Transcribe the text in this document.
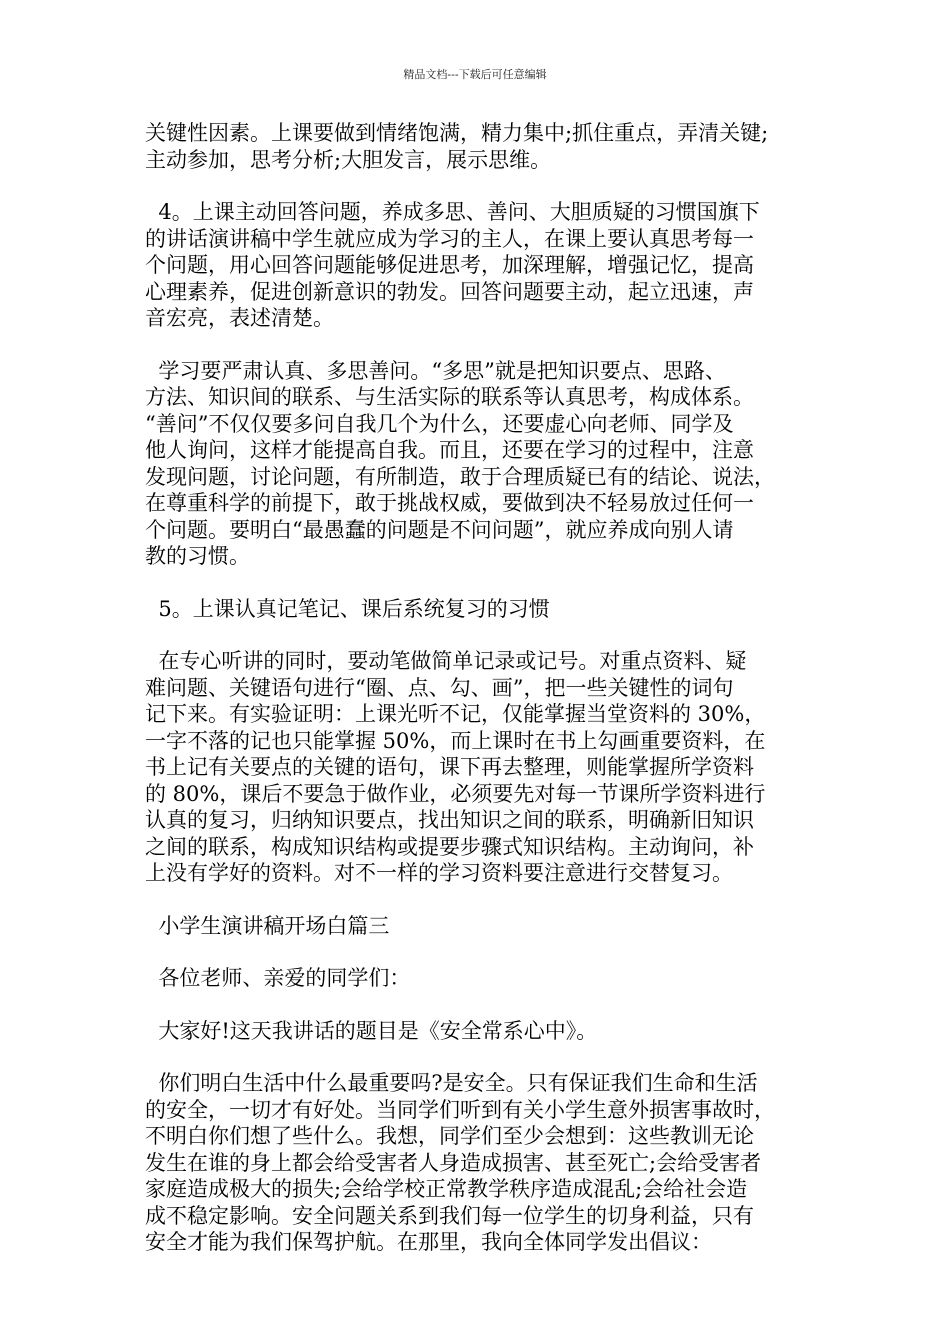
精品文档---下载后可任意编辑

关键性因素。上课要做到情绪饱满，精力集中;抓住重点，弄清关键;
主动参加，思考分析;大胆发言，展示思维。

4。上课主动回答问题，养成多思、善问、大胆质疑的习惯国旗下
的讲话演讲稿中学生就应成为学习的主人，在课上要认真思考每一
个问题，用心回答问题能够促进思考，加深理解，增强记忆，提高
心理素养，促进创新意识的勃发。回答问题要主动，起立迅速，声
音宏亮，表述清楚。

学习要严肃认真、多思善问。“多思”就是把知识要点、思路、
方法、知识间的联系、与生活实际的联系等认真思考，构成体系。
“善问”不仅仅要多问自我几个为什么，还要虚心向老师、同学及
他人询问，这样才能提高自我。而且，还要在学习的过程中，注意
发现问题，讨论问题，有所制造，敢于合理质疑已有的结论、说法，
在尊重科学的前提下，敢于挑战权威，要做到决不轻易放过任何一
个问题。要明白“最愚蠢的问题是不问问题”，就应养成向别人请
教的习惯。

5。上课认真记笔记、课后系统复习的习惯

在专心听讲的同时，要动笔做简单记录或记号。对重点资料、疑
难问题、关键语句进行“圈、点、勾、画”，把一些关键性的词句
记下来。有实验证明：上课光听不记，仅能掌握当堂资料的 30%，
一字不落的记也只能掌握 50%，而上课时在书上勾画重要资料，在
书上记有关要点的关键的语句，课下再去整理，则能掌握所学资料
的 80%，课后不要急于做作业，必须要先对每一节课所学资料进行
认真的复习，归纳知识要点，找出知识之间的联系，明确新旧知识
之间的联系，构成知识结构或提要步骤式知识结构。主动询问，补
上没有学好的资料。对不一样的学习资料要注意进行交替复习。

小学生演讲稿开场白篇三

各位老师、亲爱的同学们：

大家好!这天我讲话的题目是《安全常系心中》。

你们明白生活中什么最重要吗?是安全。只有保证我们生命和生活
的安全，一切才有好处。当同学们听到有关小学生意外损害事故时，
不明白你们想了些什么。我想，同学们至少会想到：这些教训无论
发生在谁的身上都会给受害者人身造成损害、甚至死亡;会给受害者
家庭造成极大的损失;会给学校正常教学秩序造成混乱;会给社会造
成不稳定影响。安全问题关系到我们每一位学生的切身利益，只有
安全才能为我们保驾护航。在那里，我向全体同学发出倡议：
